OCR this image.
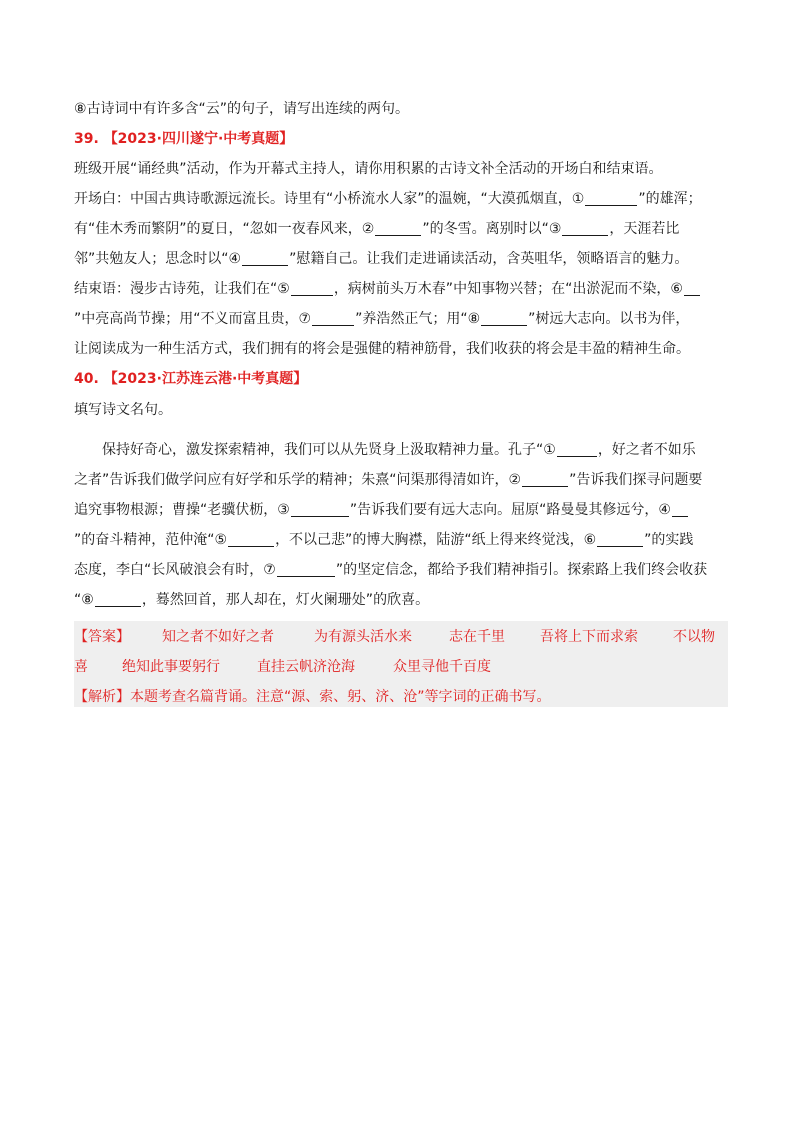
⑧古诗词中有许多含“云”的句子，请写出连续的两句。
39. 【2023·四川遂宁·中考真题】
班级开展“诵经典”活动，作为开幕式主持人，请你用积累的古诗文补全活动的开场白和结束语。
开场白：中国古典诗歌源远流长。诗里有“小桥流水人家”的温婉，“大漠孤烟直，①	”的雄浑；
有“佳木秀而繁阴”的夏日，“忽如一夜春风来，②	”的冬雪。离别时以“③	，天涯若比
邻”共勉友人；思念时以“④	”慰籍自己。让我们走进诵读活动，含英咀华，领略语言的魅力。
结束语：漫步古诗苑，让我们在“⑤	，病树前头万木春”中知事物兴替；在“出淤泥而不染，⑥
”中亮高尚节操；用“不义而富且贵，⑦	”养浩然正气；用“⑧	”树远大志向。以书为伴，
让阅读成为一种生活方式，我们拥有的将会是强健的精神筋骨，我们收获的将会是丰盈的精神生命。
40. 【2023·江苏连云港·中考真题】
填写诗文名句。
保持好奇心，激发探索精神，我们可以从先贤身上汲取精神力量。孔子“①	，好之者不如乐
之者”告诉我们做学问应有好学和乐学的精神；朱熹“问渠那得清如许，②	”告诉我们探寻问题要
追究事物根源；曹操“老骥伏枥，③	”告诉我们要有远大志向。屈原“路曼曼其修远兮，④
”的奋斗精神，范仲淹“⑤	，不以己悲”的博大胸襟，陆游“纸上得来终觉浅，⑥	”的实践
态度，李白“长风破浪会有时，⑦	”的坚定信念，都给予我们精神指引。探索路上我们终会收获
“⑧	，蓦然回首，那人却在，灯火阑珊处”的欣喜。
【答案】 知之者不如好之者	为有源头活水来	志在千里	吾将上下而求索	不以物
喜 绝知此事要躬行	直挂云帆济沧海	众里寻他千百度
【解析】本题考查名篇背诵。注意“源、索、躬、济、沧”等字词的正确书写。
